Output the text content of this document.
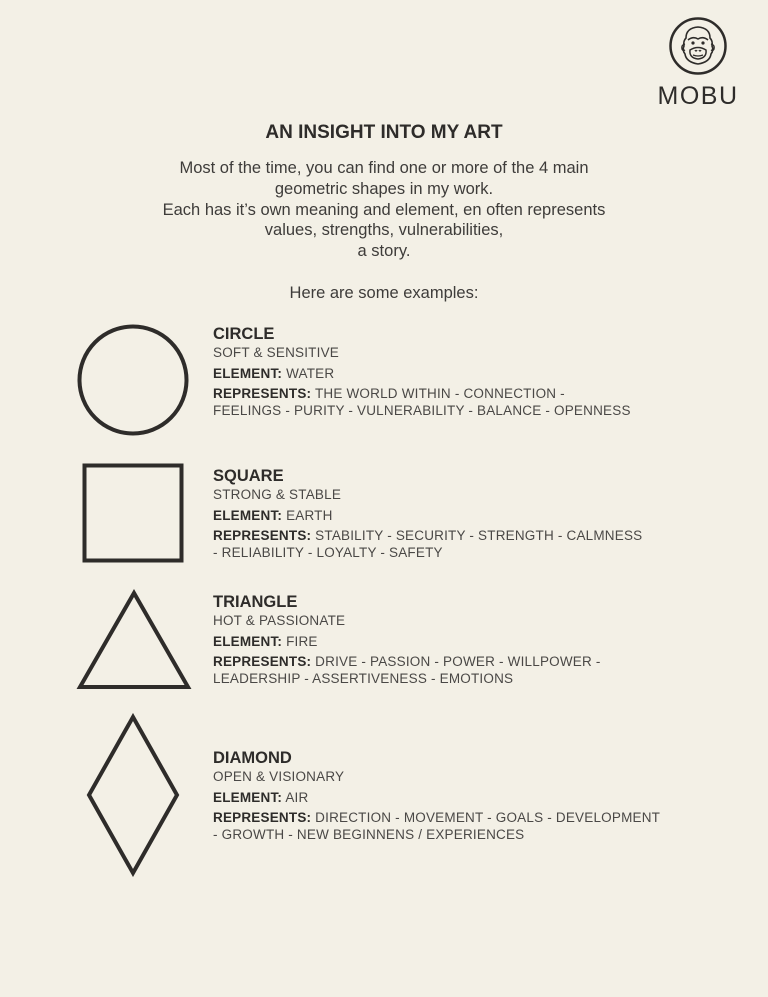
MOBU
AN INSIGHT INTO MY ART
Most of the time, you can find one or more of the 4 main
geometric shapes in my work.
Each has it’s own meaning and element, en often represents
values, strengths, vulnerabilities,
a story.
Here are some examples:
CIRCLE
SOFT & SENSITIVE
ELEMENT: WATER
REPRESENTS: THE WORLD WITHIN - CONNECTION -
FEELINGS - PURITY - VULNERABILITY - BALANCE - OPENNESS
SQUARE
STRONG & STABLE
ELEMENT: EARTH
REPRESENTS: STABILITY - SECURITY - STRENGTH - CALMNESS
- RELIABILITY - LOYALTY - SAFETY
TRIANGLE
HOT & PASSIONATE
ELEMENT: FIRE
REPRESENTS: DRIVE - PASSION - POWER - WILLPOWER -
LEADERSHIP - ASSERTIVENESS - EMOTIONS
DIAMOND
OPEN & VISIONARY
ELEMENT: AIR
REPRESENTS: DIRECTION - MOVEMENT - GOALS - DEVELOPMENT
- GROWTH - NEW BEGINNENS / EXPERIENCES
